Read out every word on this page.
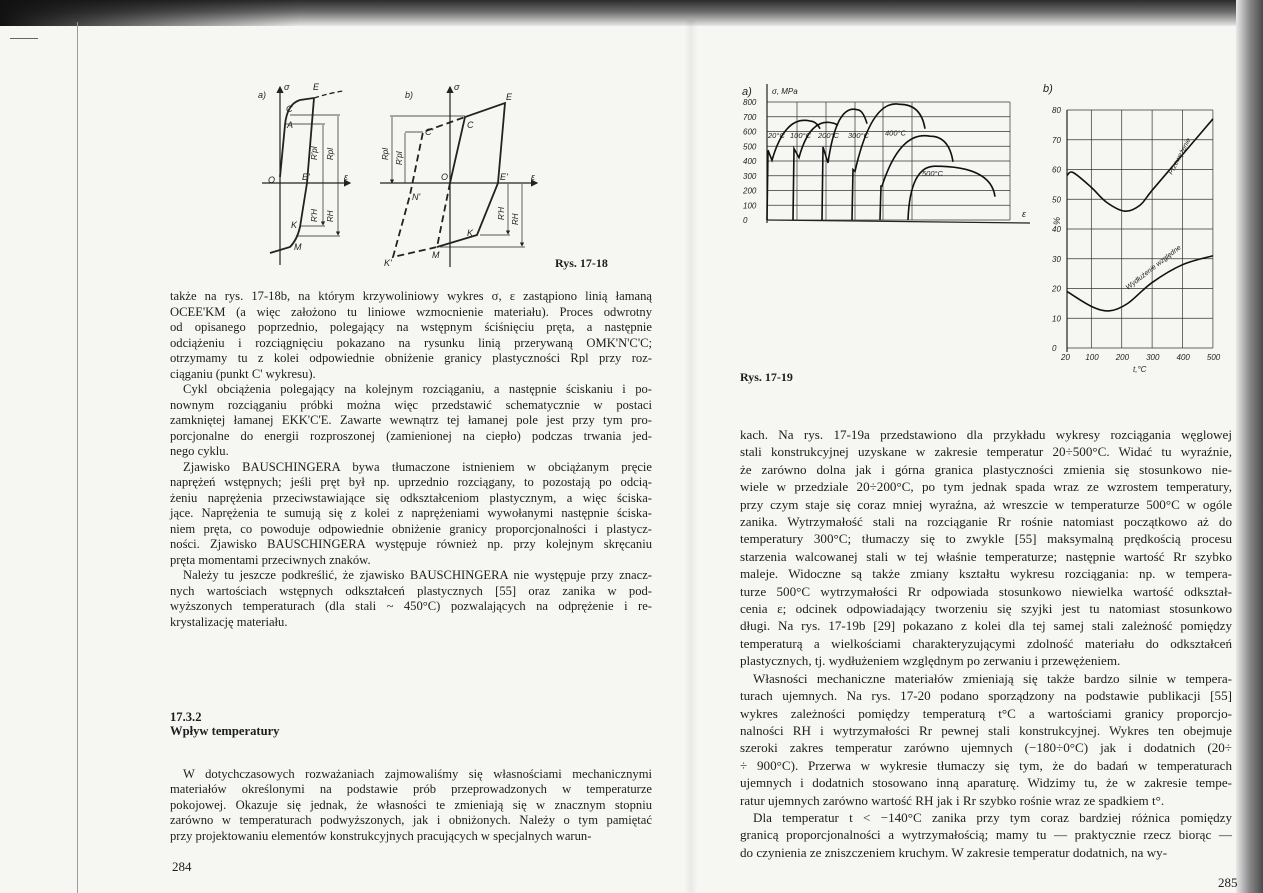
a)
σ	E
C
A
O	E'	ε
K
M
R'pl Rpl
R'H RH
b)
σ
E
C
C'
O	E'	ε
N'
K
M
K'
Rpl R'pl
R'H RH
Rys. 17-18
0
100
200
300
400
500
600
700
800
a)	σ, MPa
ε
20°C 100°C 200°C 300°C 400°C
500°C
0
10
20
30
40
50
60
70
80
20 100 200 300 400 500
b)
%
t,°C
Przewężenie
Wydłużenie względne
Rys. 17-19
także na rys. 17-18b, na którym krzywoliniowy wykres σ, ε zastąpiono linią łamaną
OCEE'KM (a więc założono tu liniowe wzmocnienie materiału). Proces odwrotny
od opisanego poprzednio, polegający na wstępnym ściśnięciu pręta, a następnie
odciążeniu i rozciągnięciu pokazano na rysunku linią przerywaną OMK'N'C'C;
otrzymamy tu z kolei odpowiednie obniżenie granicy plastyczności Rpl przy roz-
ciąganiu (punkt C' wykresu).
Cykl obciążenia polegający na kolejnym rozciąganiu, a następnie ściskaniu i po-
nownym rozciąganiu próbki można więc przedstawić schematycznie w postaci
zamkniętej łamanej EKK'C'E. Zawarte wewnątrz tej łamanej pole jest przy tym pro-
porcjonalne do energii rozproszonej (zamienionej na ciepło) podczas trwania jed-
nego cyklu.
Zjawisko BAUSCHINGERA bywa tłumaczone istnieniem w obciążanym pręcie
naprężeń wstępnych; jeśli pręt był np. uprzednio rozciągany, to pozostają po odcią-
żeniu naprężenia przeciwstawiające się odkształceniom plastycznym, a więc ściska-
jące. Naprężenia te sumują się z kolei z naprężeniami wywołanymi następnie ściska-
niem pręta, co powoduje odpowiednie obniżenie granicy proporcjonalności i plastycz-
ności. Zjawisko BAUSCHINGERA występuje również np. przy kolejnym skręcaniu
pręta momentami przeciwnych znaków.
Należy tu jeszcze podkreślić, że zjawisko BAUSCHINGERA nie występuje przy znacz-
nych wartościach wstępnych odkształceń plastycznych [55] oraz zanika w pod-
wyższonych temperaturach (dla stali ~ 450°C) pozwalających na odprężenie i re-
krystalizację materiału.
17.3.2
Wpływ temperatury
W dotychczasowych rozważaniach zajmowaliśmy się własnościami mechanicznymi
materiałów określonymi na podstawie prób przeprowadzonych w temperaturze
pokojowej. Okazuje się jednak, że własności te zmieniają się w znacznym stopniu
zarówno w temperaturach podwyższonych, jak i obniżonych. Należy o tym pamiętać
przy projektowaniu elementów konstrukcyjnych pracujących w specjalnych warun-
284
kach. Na rys. 17-19a przedstawiono dla przykładu wykresy rozciągania węglowej
stali konstrukcyjnej uzyskane w zakresie temperatur 20÷500°C. Widać tu wyraźnie,
że zarówno dolna jak i górna granica plastyczności zmienia się stosunkowo nie-
wiele w przedziale 20÷200°C, po tym jednak spada wraz ze wzrostem temperatury,
przy czym staje się coraz mniej wyraźna, aż wreszcie w temperaturze 500°C w ogóle
zanika. Wytrzymałość stali na rozciąganie Rr rośnie natomiast początkowo aż do
temperatury 300°C; tłumaczy się to zwykle [55] maksymalną prędkością procesu
starzenia walcowanej stali w tej właśnie temperaturze; następnie wartość Rr szybko
maleje. Widoczne są także zmiany kształtu wykresu rozciągania: np. w tempera-
turze 500°C wytrzymałości Rr odpowiada stosunkowo niewielka wartość odkształ-
cenia ε; odcinek odpowiadający tworzeniu się szyjki jest tu natomiast stosunkowo
długi. Na rys. 17-19b [29] pokazano z kolei dla tej samej stali zależność pomiędzy
temperaturą a wielkościami charakteryzującymi zdolność materiału do odkształceń
plastycznych, tj. wydłużeniem względnym po zerwaniu i przewężeniem.
Własności mechaniczne materiałów zmieniają się także bardzo silnie w tempera-
turach ujemnych. Na rys. 17-20 podano sporządzony na podstawie publikacji [55]
wykres zależności pomiędzy temperaturą t°C a wartościami granicy proporcjo-
nalności RH i wytrzymałości Rr pewnej stali konstrukcyjnej. Wykres ten obejmuje
szeroki zakres temperatur zarówno ujemnych (−180÷0°C) jak i dodatnich (20÷
÷ 900°C). Przerwa w wykresie tłumaczy się tym, że do badań w temperaturach
ujemnych i dodatnich stosowano inną aparaturę. Widzimy tu, że w zakresie tempe-
ratur ujemnych zarówno wartość RH jak i Rr szybko rośnie wraz ze spadkiem t°.
Dla temperatur t < −140°C zanika przy tym coraz bardziej różnica pomiędzy
granicą proporcjonalności a wytrzymałością; mamy tu — praktycznie rzecz biorąc —
do czynienia ze zniszczeniem kruchym. W zakresie temperatur dodatnich, na wy-
285
